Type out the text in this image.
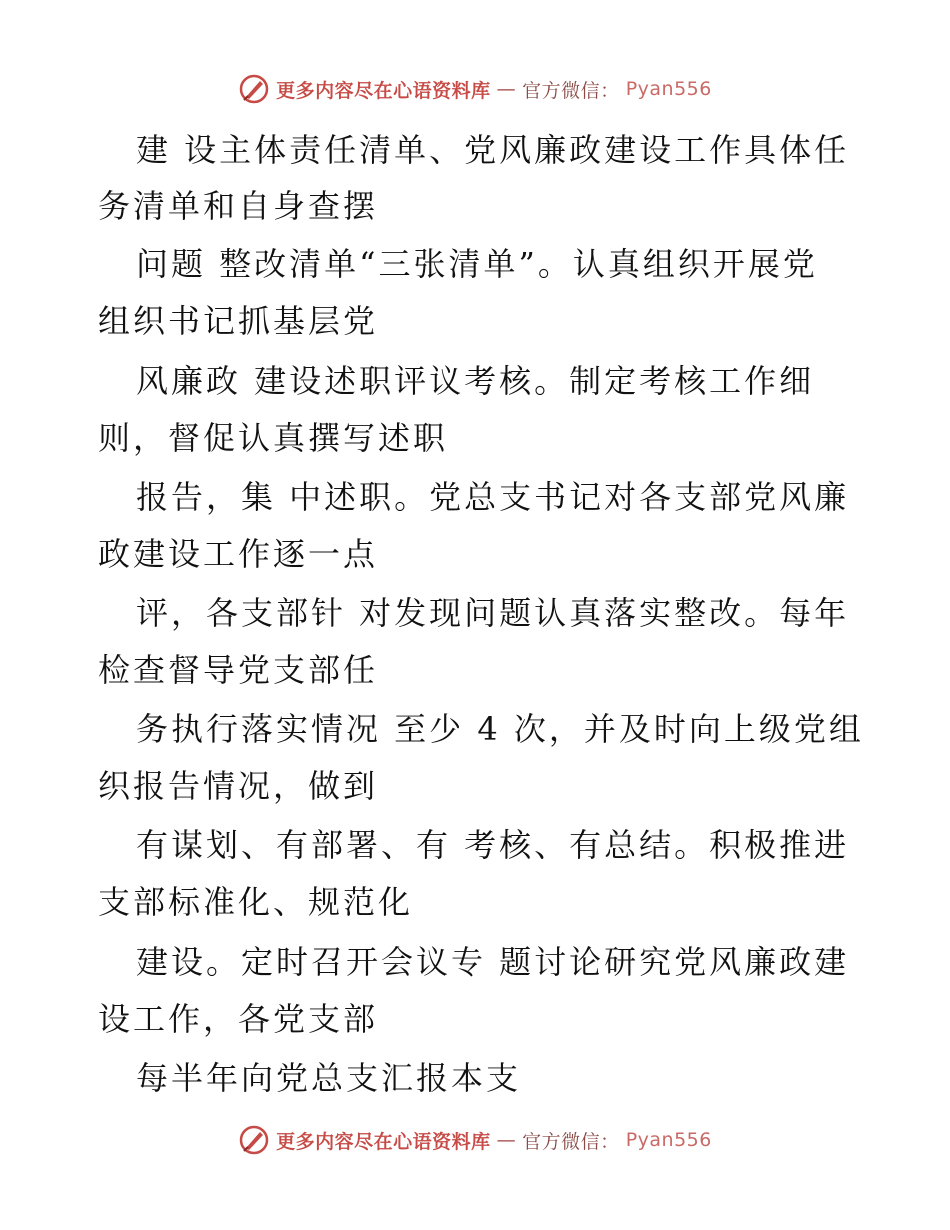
更多内容尽在心语资料库 — 官方微信： Pyan556
建 设主体责任清单、党风廉政建设工作具体任
务清单和自身查摆
问题 整改清单“三张清单”。认真组织开展党
组织书记抓基层党
风廉政 建设述职评议考核。制定考核工作细
则，督促认真撰写述职
报告，集 中述职。党总支书记对各支部党风廉
政建设工作逐一点
评，各支部针 对发现问题认真落实整改。每年
检查督导党支部任
务执行落实情况 至少 4 次，并及时向上级党组
织报告情况，做到
有谋划、有部署、有 考核、有总结。积极推进
支部标准化、规范化
建设。定时召开会议专 题讨论研究党风廉政建
设工作，各党支部
每半年向党总支汇报本支
更多内容尽在心语资料库 — 官方微信： Pyan556
